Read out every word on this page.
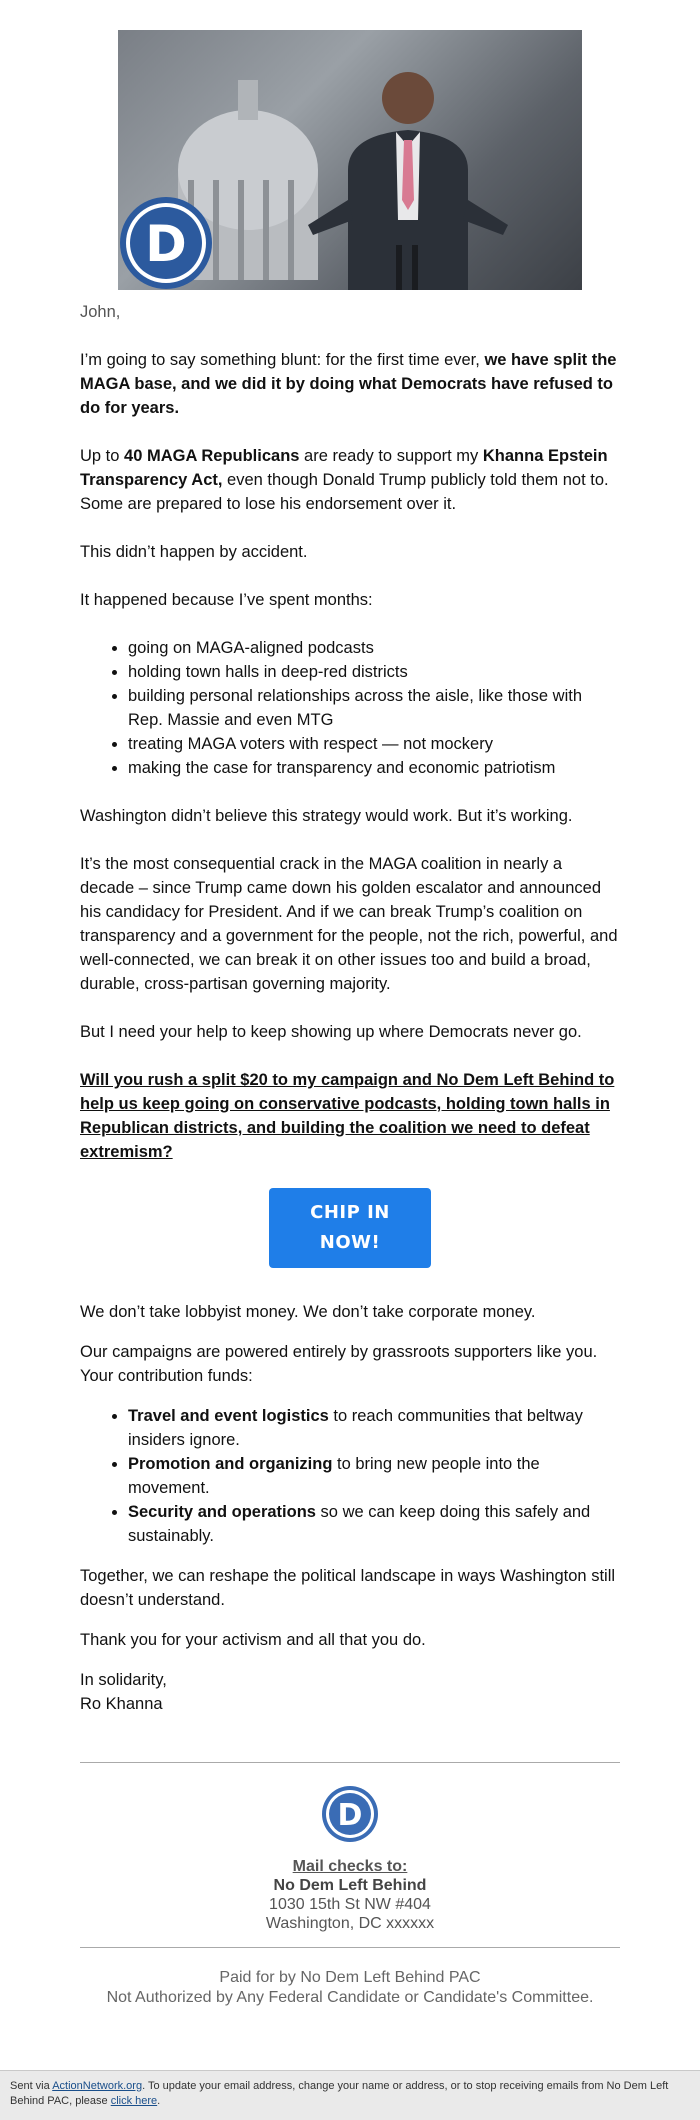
D

John,

I’m going to say something blunt: for the first time ever, we have split the MAGA base, and we did it by doing what Democrats have refused to do for years.

Up to 40 MAGA Republicans are ready to support my Khanna Epstein Transparency Act, even though Donald Trump publicly told them not to. Some are prepared to lose his endorsement over it.

This didn’t happen by accident.

It happened because I’ve spent months:

• going on MAGA-aligned podcasts
• holding town halls in deep-red districts
• building personal relationships across the aisle, like those with Rep. Massie and even MTG
• treating MAGA voters with respect — not mockery
• making the case for transparency and economic patriotism

Washington didn’t believe this strategy would work. But it’s working.

It’s the most consequential crack in the MAGA coalition in nearly a decade – since Trump came down his golden escalator and announced his candidacy for President. And if we can break Trump’s coalition on transparency and a government for the people, not the rich, powerful, and well-connected, we can break it on other issues too and build a broad, durable, cross-partisan governing majority.

But I need your help to keep showing up where Democrats never go.

Will you rush a split $20 to my campaign and No Dem Left Behind to help us keep going on conservative podcasts, holding town halls in Republican districts, and building the coalition we need to defeat extremism?

CHIP IN
NOW!

We don’t take lobbyist money. We don’t take corporate money.

Our campaigns are powered entirely by grassroots supporters like you. Your contribution funds:

• Travel and event logistics to reach communities that beltway insiders ignore.
• Promotion and organizing to bring new people into the movement.
• Security and operations so we can keep doing this safely and sustainably.

Together, we can reshape the political landscape in ways Washington still doesn’t understand.

Thank you for your activism and all that you do.

In solidarity,
Ro Khanna

D
Mail checks to:
No Dem Left Behind
1030 15th St NW #404
Washington, DC xxxxxx
Paid for by No Dem Left Behind PAC
Not Authorized by Any Federal Candidate or Candidate's Committee.
Sent via ActionNetwork.org. To update your email address, change your name or address, or to stop receiving emails from No Dem Left Behind PAC, please click here.
